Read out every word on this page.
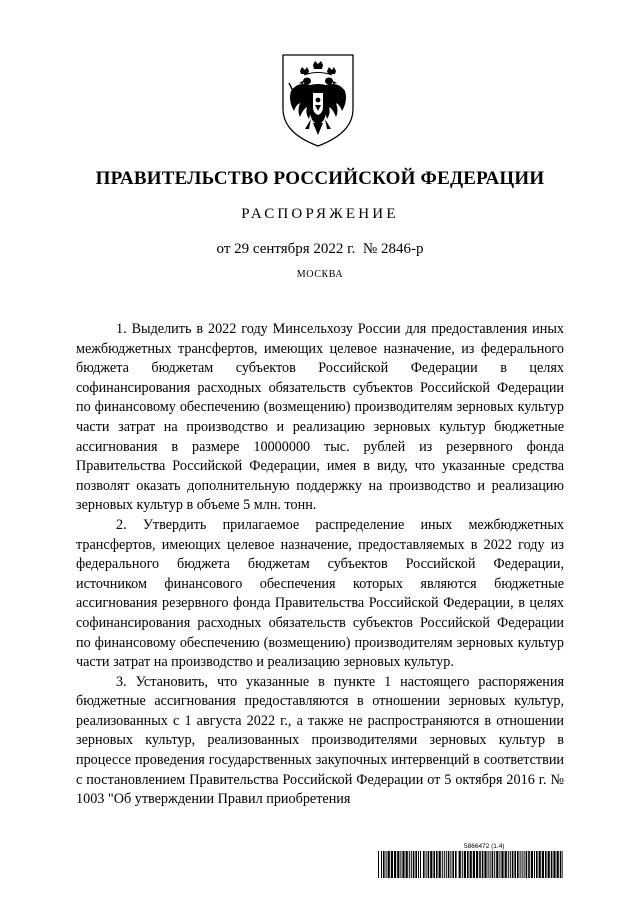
ПРАВИТЕЛЬСТВО РОССИЙСКОЙ ФЕДЕРАЦИИ
РАСПОРЯЖЕНИЕ
от 29 сентября 2022 г. № 2846-р
МОСКВА

1. Выделить в 2022 году Минсельхозу России для предоставления иных межбюджетных трансфертов, имеющих целевое назначение, из федерального бюджета бюджетам субъектов Российской Федерации в целях софинансирования расходных обязательств субъектов Российской Федерации по финансовому обеспечению (возмещению) производителям зерновых культур части затрат на производство и реализацию зерновых культур бюджетные ассигнования в размере 10000000 тыс. рублей из резервного фонда Правительства Российской Федерации, имея в виду, что указанные средства позволят оказать дополнительную поддержку на производство и реализацию зерновых культур в объеме 5 млн. тонн.

2. Утвердить прилагаемое распределение иных межбюджетных трансфертов, имеющих целевое назначение, предоставляемых в 2022 году из федерального бюджета бюджетам субъектов Российской Федерации, источником финансового обеспечения которых являются бюджетные ассигнования резервного фонда Правительства Российской Федерации, в целях софинансирования расходных обязательств субъектов Российской Федерации по финансовому обеспечению (возмещению) производителям зерновых культур части затрат на производство и реализацию зерновых культур.

3. Установить, что указанные в пункте 1 настоящего распоряжения бюджетные ассигнования предоставляются в отношении зерновых культур, реализованных с 1 августа 2022 г., а также не распространяются в отношении зерновых культур, реализованных производителями зерновых культур в процессе проведения государственных закупочных интервенций в соответствии с постановлением Правительства Российской Федерации от 5 октября 2016 г. № 1003 "Об утверждении Правил приобретения

5866472 (1.4)
